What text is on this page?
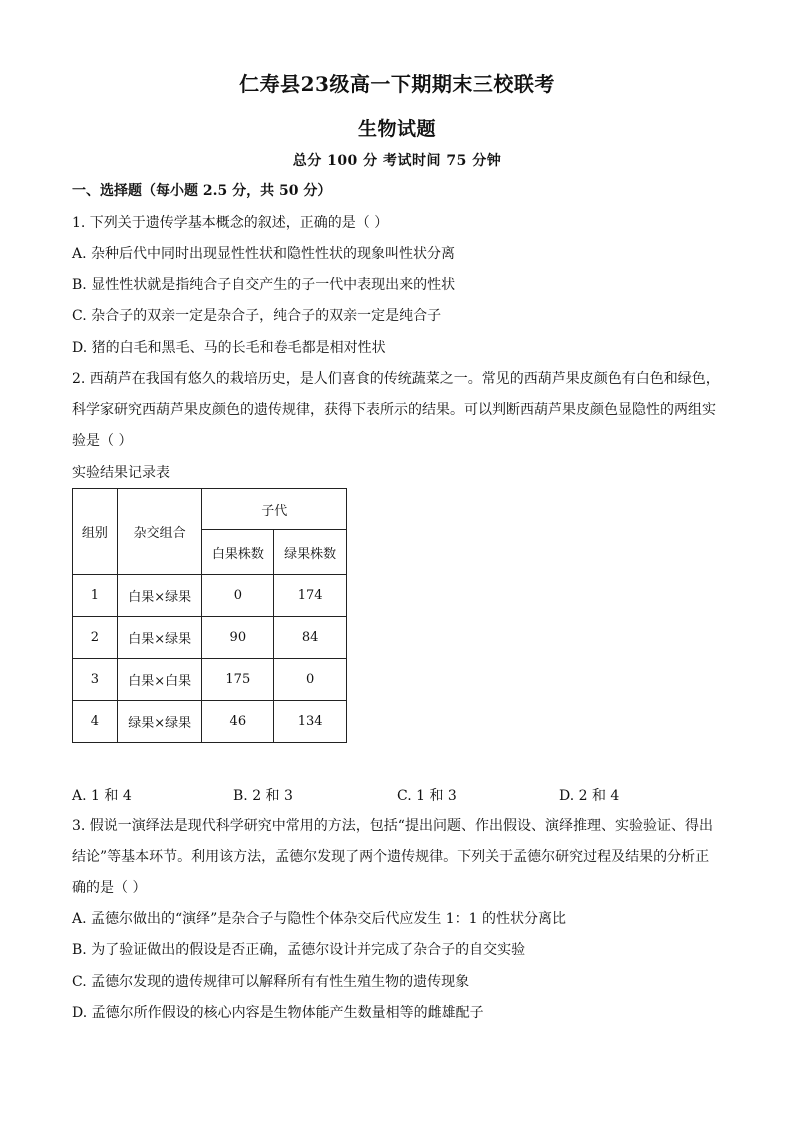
仁寿县23级高一下期期末三校联考
生物试题
总分 100 分 考试时间 75 分钟
一、选择题（每小题 2.5 分，共 50 分）
1. 下列关于遗传学基本概念的叙述，正确的是（ ）
A. 杂种后代中同时出现显性性状和隐性性状的现象叫性状分离
B. 显性性状就是指纯合子自交产生的子一代中表现出来的性状
C. 杂合子的双亲一定是杂合子，纯合子的双亲一定是纯合子
D. 猪的白毛和黑毛、马的长毛和卷毛都是相对性状
2. 西葫芦在我国有悠久的栽培历史，是人们喜食的传统蔬菜之一。常见的西葫芦果皮颜色有白色和绿色，
科学家研究西葫芦果皮颜色的遗传规律，获得下表所示的结果。可以判断西葫芦果皮颜色显隐性的两组实
验是（ ）
实验结果记录表
组别	杂交组合	子代	
		白果株数	绿果株数
1	白果×绿果	0	174
2	白果×绿果	90	84
3	白果×白果	175	0
4	绿果×绿果	46	134
A. 1 和 4	B. 2 和 3	C. 1 和 3	D. 2 和 4
3. 假说一演绎法是现代科学研究中常用的方法，包括“提出问题、作出假设、演绎推理、实验验证、得出
结论”等基本环节。利用该方法，孟德尔发现了两个遗传规律。下列关于孟德尔研究过程及结果的分析正
确的是（ ）
A. 孟德尔做出的“演绎”是杂合子与隐性个体杂交后代应发生 1：1 的性状分离比
B. 为了验证做出的假设是否正确，孟德尔设计并完成了杂合子的自交实验
C. 孟德尔发现的遗传规律可以解释所有有性生殖生物的遗传现象
D. 孟德尔所作假设的核心内容是生物体能产生数量相等的雌雄配子
